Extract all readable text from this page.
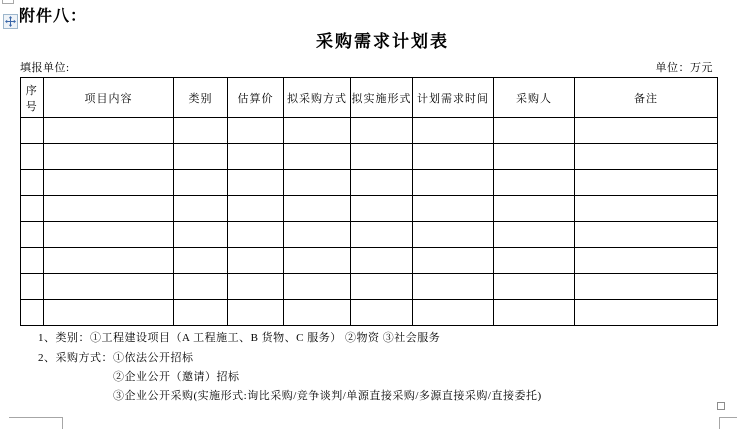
附件八：
采购需求计划表
填报单位:	单位：万元
序号	项目内容	类别	估算价	拟采购方式	拟实施形式	计划需求时间	采购人	备注

1、类别：①工程建设项目（A 工程施工、B 货物、C 服务） ②物资 ③社会服务
2、采购方式：①依法公开招标
②企业公开（邀请）招标
③企业公开采购(实施形式:询比采购/竞争谈判/单源直接采购/多源直接采购/直接委托)
